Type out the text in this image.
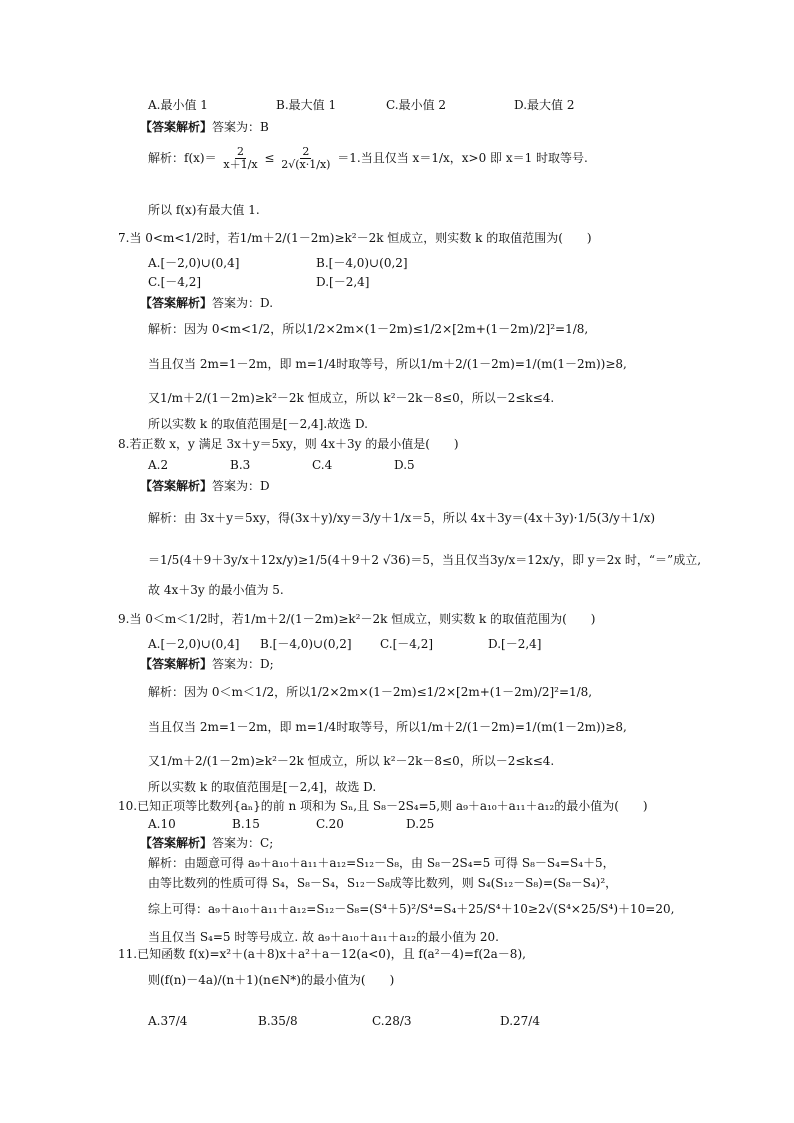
A.最小值 1	B.最大值 1	C.最小值 2	D.最大值 2
【答案解析】答案为：B
解析：$f(x)= \frac{2}{x+1/x} \le \frac{2}{2√(x\cdot 1/x)} =1$.当且仅当 x＝1/x，x>0 即 x＝1 时取等号.
所以 f(x)有最大值 1.
7.当 0<m<1/2时，若1/m＋2/(1－2m)≥k²－2k 恒成立，则实数 k 的取值范围为(　　)
A.[－2,0)∪(0,4]	B.[－4,0)∪(0,2]
C.[－4,2]	D.[－2,4]
【答案解析】答案为：D.
解析：因为 0<m<1/2，所以1/2×2m×(1－2m)≤1/2×[2m+(1－2m)/2]²=1/8,
当且仅当 2m=1－2m，即 m=1/4时取等号，所以1/m＋2/(1－2m)=1/(m(1－2m))≥8,
又1/m＋2/(1－2m)≥k²－2k 恒成立，所以 k²－2k－8≤0，所以－2≤k≤4.
所以实数 k 的取值范围是[－2,4].故选 D.
8.若正数 x，y 满足 3x＋y＝5xy，则 4x＋3y 的最小值是(　　)
A.2	B.3	C.4	D.5
【答案解析】答案为：D
解析：由 3x＋y＝5xy，得(3x＋y)/xy＝3/y＋1/x＝5，所以 4x＋3y＝(4x＋3y)·1/5(3/y＋1/x)
＝1/5(4＋9＋3y/x＋12x/y)≥1/5(4＋9＋2 √36)＝5，当且仅当3y/x＝12x/y，即 y＝2x 时，“＝”成立,
故 4x＋3y 的最小值为 5.
9.当 0＜m＜1/2时，若1/m＋2/(1－2m)≥k²－2k 恒成立，则实数 k 的取值范围为(　　)
A.[－2,0)∪(0,4] B.[－4,0)∪(0,2] C.[－4,2]	D.[－2,4]
【答案解析】答案为：D;
解析：因为 0＜m＜1/2，所以1/2×2m×(1－2m)≤1/2×[2m+(1－2m)/2]²=1/8,
当且仅当 2m=1－2m，即 m=1/4时取等号，所以1/m＋2/(1－2m)=1/(m(1－2m))≥8,
又1/m＋2/(1－2m)≥k²－2k 恒成立，所以 k²－2k－8≤0，所以－2≤k≤4.
所以实数 k 的取值范围是[－2,4]，故选 D.
10.已知正项等比数列{aₙ}的前 n 项和为 Sₙ,且 S₈－2S₄=5,则 a₉＋a₁₀＋a₁₁＋a₁₂的最小值为(　　)
A.10	B.15	C.20	D.25
【答案解析】答案为：C;
解析：由题意可得 a₉＋a₁₀＋a₁₁＋a₁₂=S₁₂－S₈，由 S₈－2S₄=5 可得 S₈－S₄=S₄＋5，
由等比数列的性质可得 S₄，S₈－S₄，S₁₂－S₈成等比数列，则 S₄(S₁₂－S₈)=(S₈－S₄)²，
综上可得：a₉＋a₁₀＋a₁₁＋a₁₂=S₁₂－S₈=(S⁴＋5)²/S⁴=S₄＋25/S⁴＋10≥2√(S⁴×25/S⁴)＋10=20,
当且仅当 S₄=5 时等号成立. 故 a₉＋a₁₀＋a₁₁＋a₁₂的最小值为 20.
11.已知函数 f(x)=x²＋(a＋8)x＋a²＋a－12(a<0)，且 f(a²－4)=f(2a－8),
则(f(n)－4a)/(n＋1)(n∈N*)的最小值为(　　)
A.37/4	B.35/8	C.28/3	D.27/4
